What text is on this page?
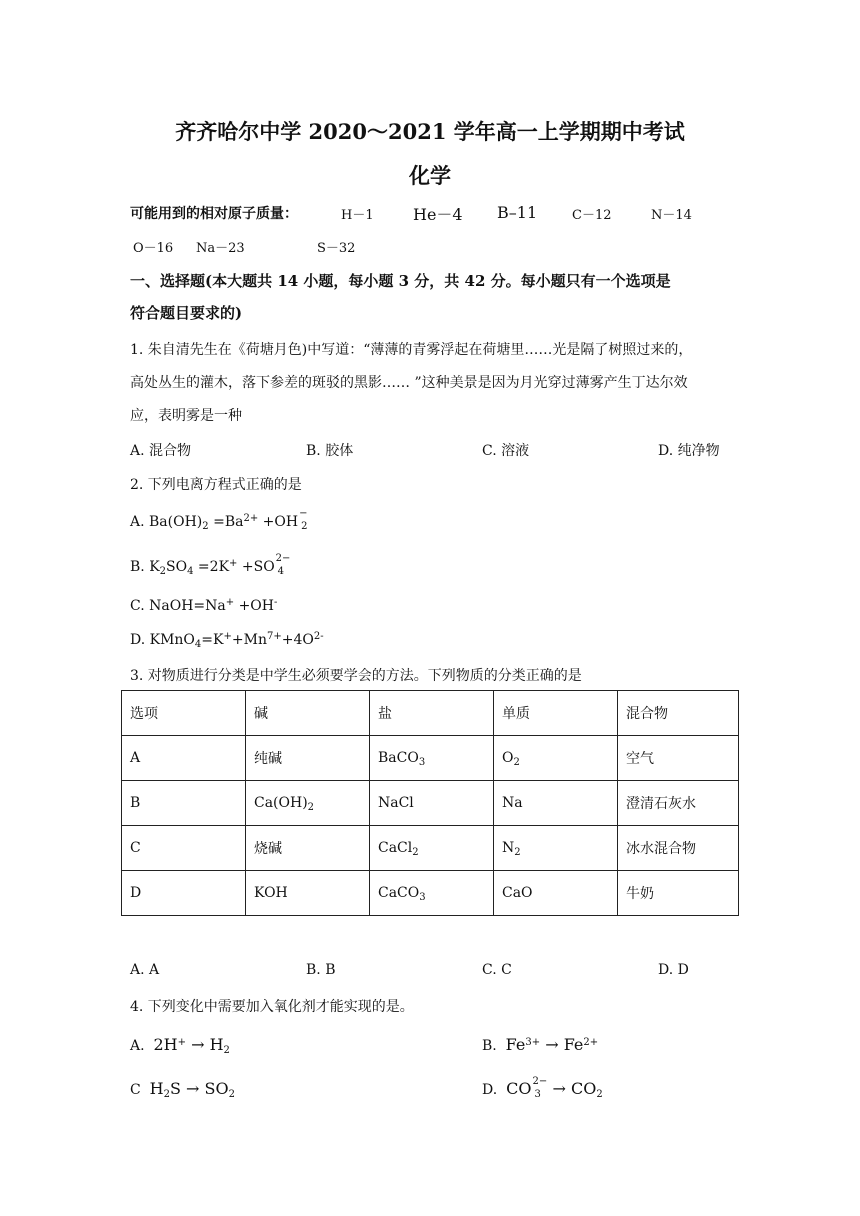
齐齐哈尔中学 2020～2021 学年高一上学期期中考试
化学
可能用到的相对原子质量：	H－1 He－4 B–11	C－12	N－14
O－16 Na－23	S－32
一、选择题(本大题共 14 小题，每小题 3 分，共 42 分。每小题只有一个选项是
符合题目要求的)
1. 朱自清先生在《荷塘月色)中写道：“薄薄的青雾浮起在荷塘里……光是隔了树照过来的，
高处丛生的灌木，落下参差的斑驳的黑影…… ”这种美景是因为月光穿过薄雾产生丁达尔效
应，表明雾是一种
A. 混合物	B. 胶体	C. 溶液	D. 纯净物
2. 下列电离方程式正确的是
A. $Ba(OH)_2 =Ba^{2+} +OH$
−
2
B. $K_2SO_4 =2K^+ +SO$
2−
4
C. NaOH=Na+ +OH-
D. $KMnO_4=K^++Mn^{7+}+4O^{2-}$
3. 对物质进行分类是中学生必须要学会的方法。下列物质的分类正确的是
选项	碱	盐	单质	混合物
A	纯碱	BaCO$_3$	$O_2$	空气
B	$Ca(OH)_2$	NaCl	Na	澄清石灰水
C	烧碱	CaCl$_2$	$N_2$	冰水混合物
D	KOH	CaCO$_3$	CaO	牛奶
A. A	B. B	C. C	D. D
4. 下列变化中需要加入氧化剂才能实现的是。
A. $2H^+ \to H_2$	B. $Fe^{3+} \to Fe^{2+}$
C $H_2S \to SO_2$	D. CO 2−
$3 \to CO_2$
